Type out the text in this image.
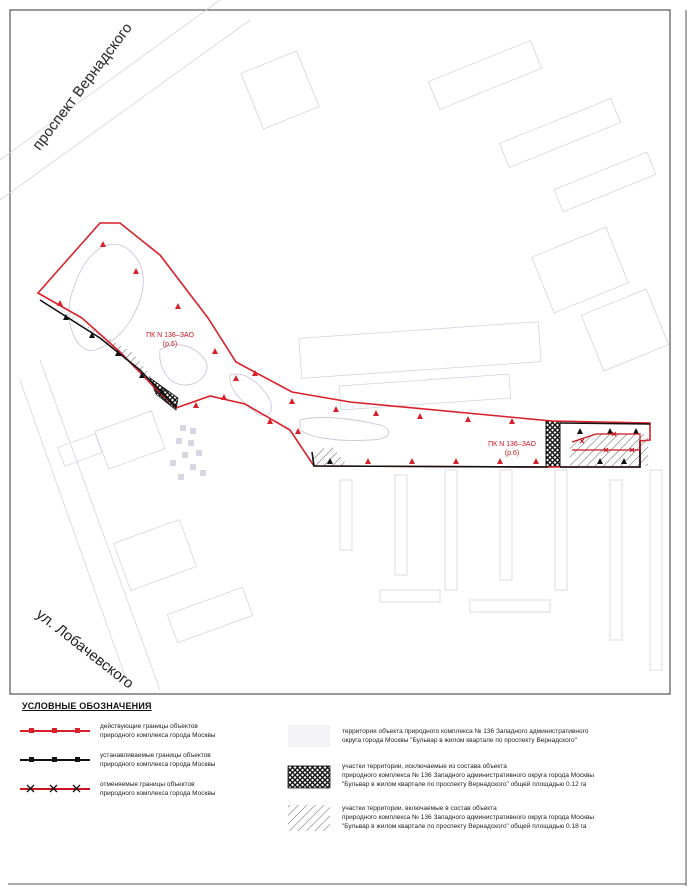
проспект Вернадского
ул. Лобачевского
ПК N 136–ЗАО
(р.6)
ПК N 136–ЗАО
(р.6)
УСЛОВНЫЕ ОБОЗНАЧЕНИЯ
действующие границы объектов
природного комплекса города Москвы
устанавливаемые границы объектов
природного комплекса города Москвы
отменяемые границы объектов
природного комплекса города Москвы
территория объекта природного комплекса № 136 Западного административного
округа города Москвы "Бульвар в жилом квартале по проспекту Вернадского"
участки территории, исключаемые из состава объекта
природного комплекса № 136 Западного административного округа города Москвы
"Бульвар в жилом квартале по проспекту Вернадского" общей площадью 0.12 га
участки территории, включаемые в состав объекта
природного комплекса № 136 Западного административного округа города Москвы
"Бульвар в жилом квартале по проспекту Вернадского" общей площадью 0.18 га
